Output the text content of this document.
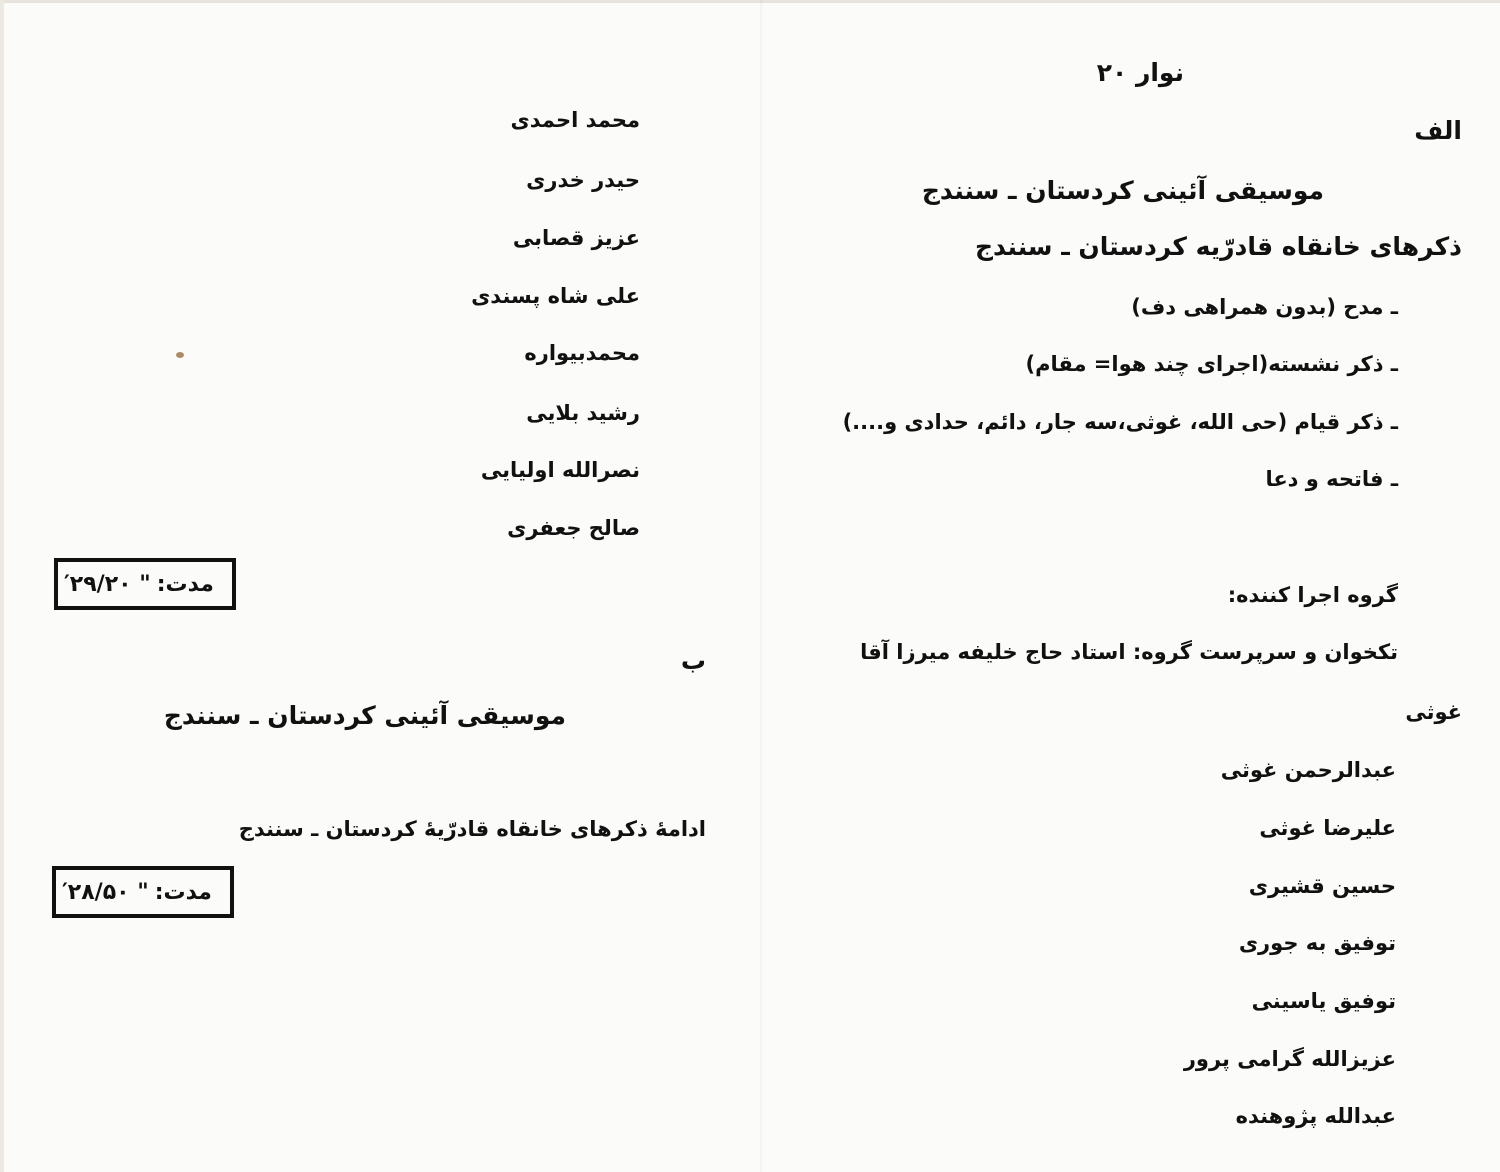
نوار ۲۰
الف
موسیقی آئینی کردستان ـ سنندج
ذکرهای خانقاه قادرّیه کردستان ـ سنندج
ـ مدح (بدون همراهی دف)
ـ ذکر نشسته(اجرای چند هوا= مقام)
ـ ذکر قیام (حی الله، غوثی،سه جار، دائم، حدادی و....)
ـ فاتحه و دعا
گروه اجرا کننده:
تکخوان و سرپرست گروه: استاد حاج خلیفه میرزا آقا
غوثی
عبدالرحمن غوثی
علیرضا غوثی
حسین قشیری
توفیق به جوری
توفیق یاسینی
عزیزالله گرامی پرور
عبدالله پژوهنده
محمد احمدی
حیدر خدری
عزیز قصابی
علی شاه پسندی
محمدبیواره
رشید بلایی
نصرالله اولیایی
صالح جعفری
مدت:
" ۲۰/′۲۹
ب
موسیقی آئینی کردستان ـ سنندج
ادامهٔ ذکرهای خانقاه قادرّیهٔ کردستان ـ سنندج
مدت:
" ۵۰/′۲۸
